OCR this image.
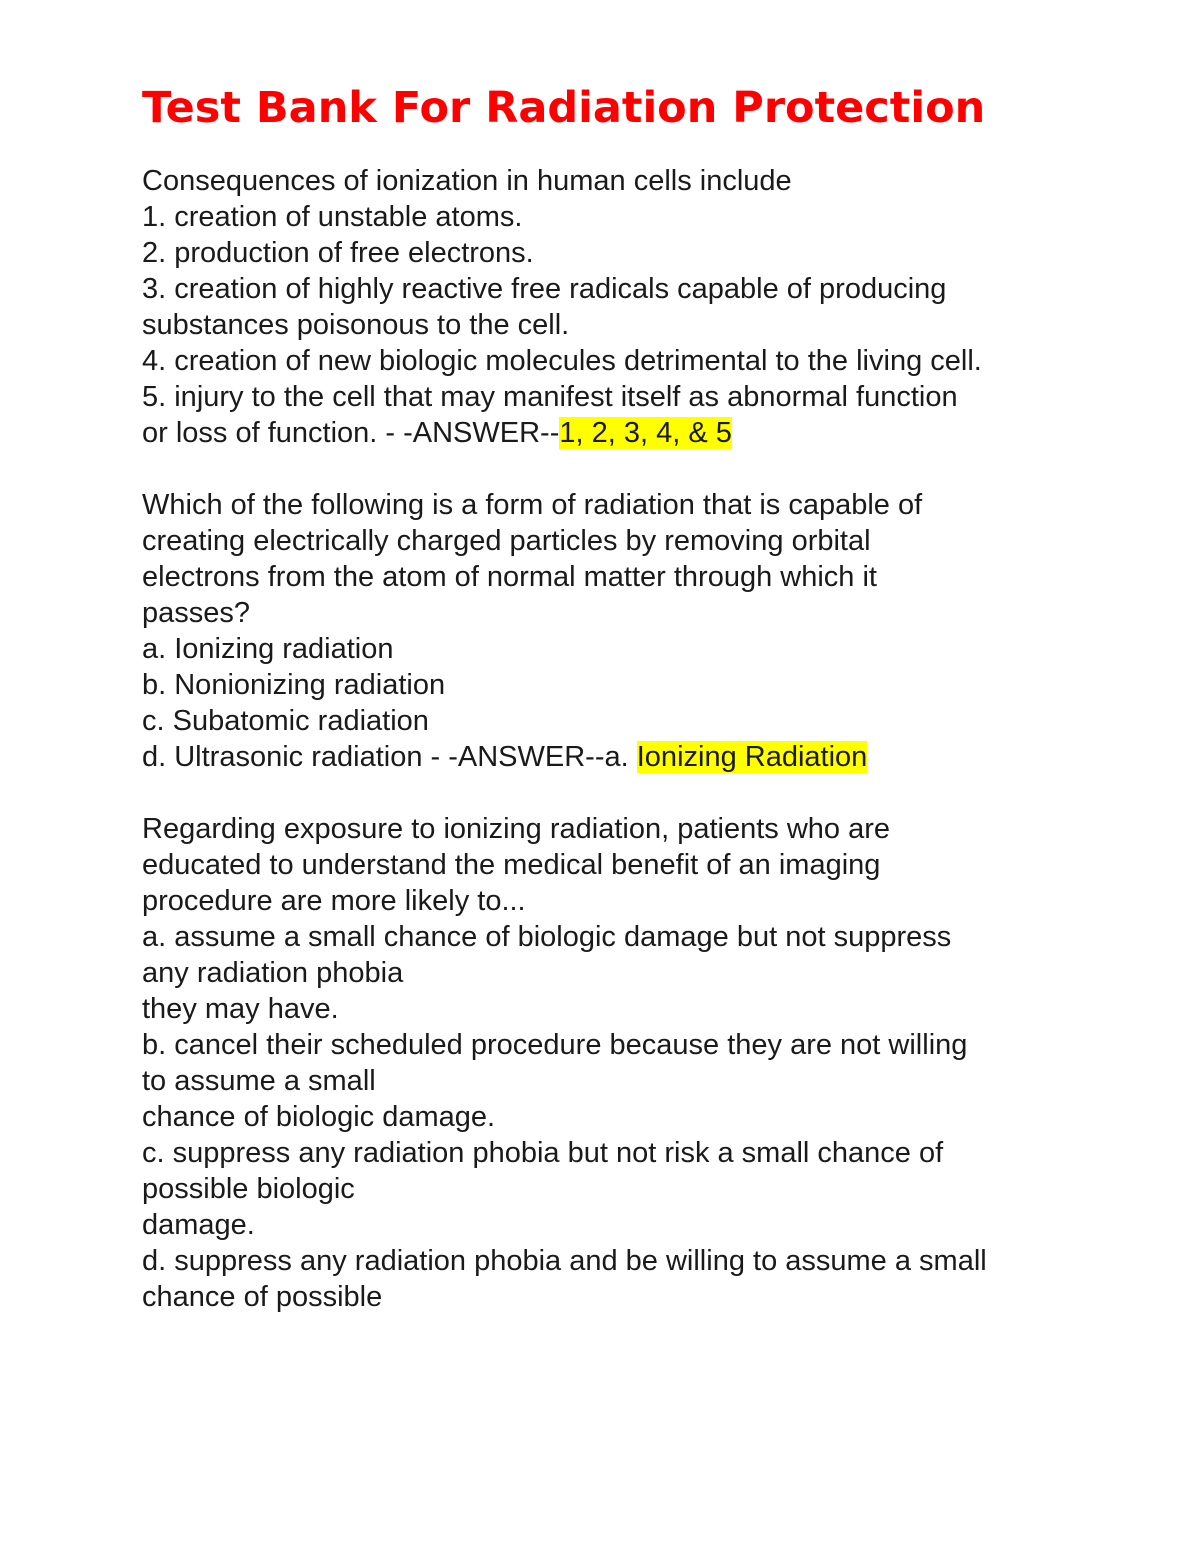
Test Bank For Radiation Protection
Consequences of ionization in human cells include
1. creation of unstable atoms.
2. production of free electrons.
3. creation of highly reactive free radicals capable of producing
substances poisonous to the cell.
4. creation of new biologic molecules detrimental to the living cell.
5. injury to the cell that may manifest itself as abnormal function
or loss of function. - -ANSWER--1, 2, 3, 4, & 5
Which of the following is a form of radiation that is capable of
creating electrically charged particles by removing orbital
electrons from the atom of normal matter through which it
passes?
a. Ionizing radiation
b. Nonionizing radiation
c. Subatomic radiation
d. Ultrasonic radiation - -ANSWER--a. Ionizing Radiation
Regarding exposure to ionizing radiation, patients who are
educated to understand the medical benefit of an imaging
procedure are more likely to...
a. assume a small chance of biologic damage but not suppress
any radiation phobia
they may have.
b. cancel their scheduled procedure because they are not willing
to assume a small
chance of biologic damage.
c. suppress any radiation phobia but not risk a small chance of
possible biologic
damage.
d. suppress any radiation phobia and be willing to assume a small
chance of possible
